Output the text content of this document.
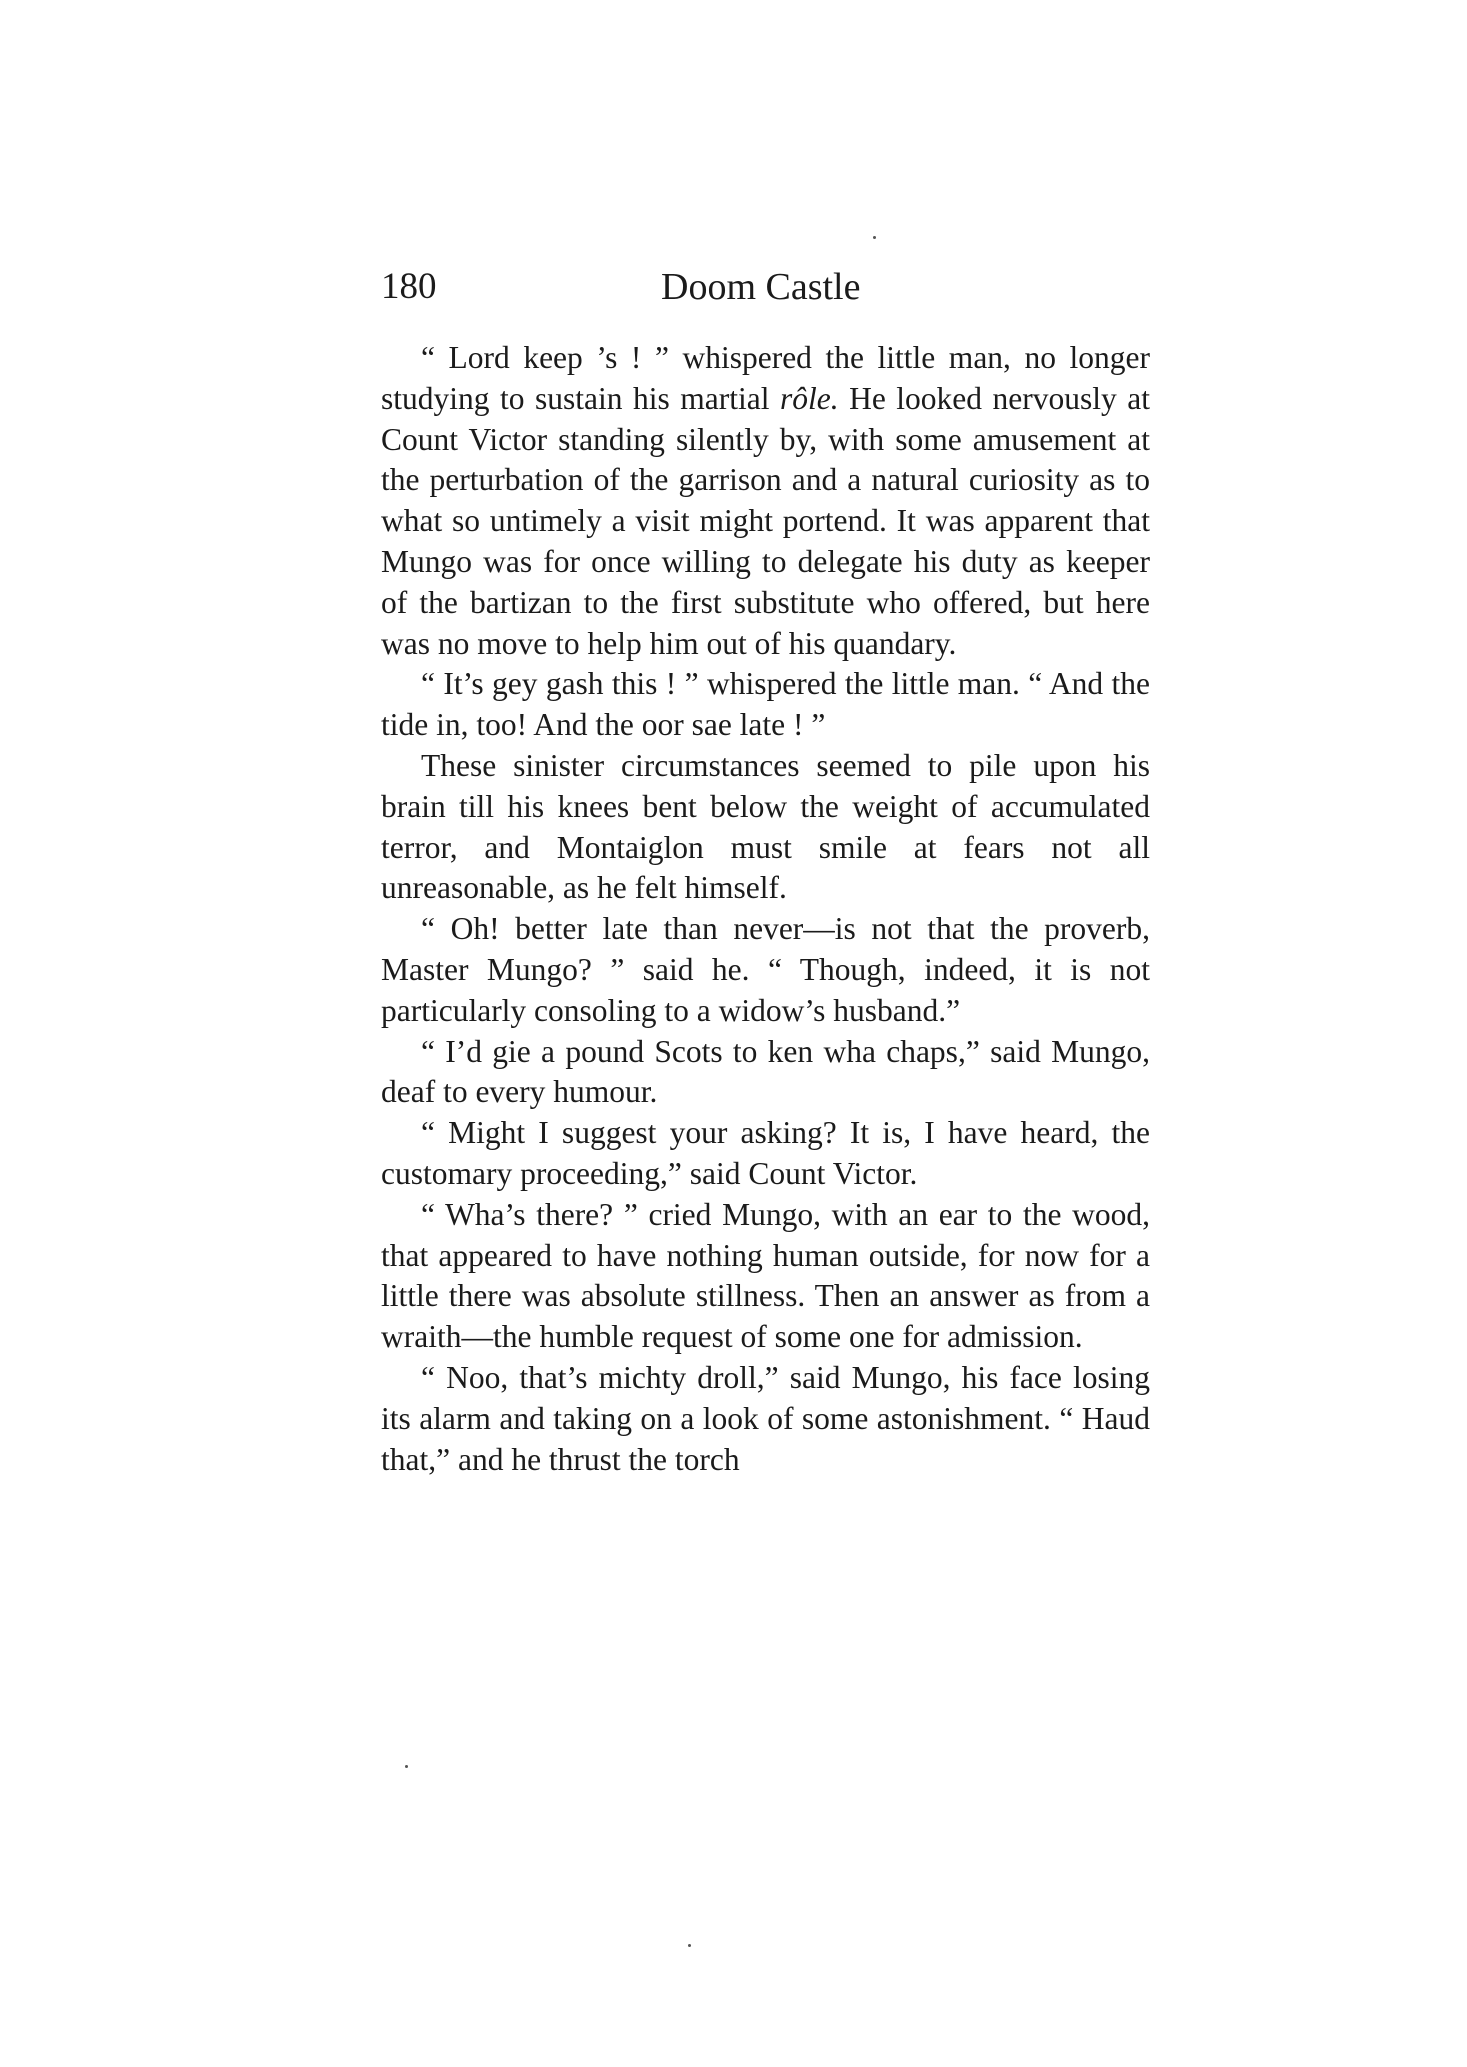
180	Doom Castle

“ Lord keep ’s ! ” whispered the little man, no longer studying to sustain his martial rôle. He looked nervously at Count Victor standing silently by, with some amusement at the perturbation of the garrison and a natural curiosity as to what so untimely a visit might portend. It was apparent that Mungo was for once willing to delegate his duty as keeper of the bartizan to the first substitute who offered, but here was no move to help him out of his quandary.

“ It’s gey gash this ! ” whispered the little man. “ And the tide in, too! And the oor sae late ! ”

These sinister circumstances seemed to pile upon his brain till his knees bent below the weight of accumulated terror, and Montaiglon must smile at fears not all unreasonable, as he felt himself.

“ Oh! better late than never—is not that the proverb, Master Mungo? ” said he. “ Though, indeed, it is not particularly consoling to a widow’s husband.”

“ I’d gie a pound Scots to ken wha chaps,” said Mungo, deaf to every humour.

“ Might I suggest your asking? It is, I have heard, the customary proceeding,” said Count Victor.

“ Wha’s there? ” cried Mungo, with an ear to the wood, that appeared to have nothing human outside, for now for a little there was absolute stillness. Then an answer as from a wraith—the humble request of some one for admission.

“ Noo, that’s michty droll,” said Mungo, his face losing its alarm and taking on a look of some astonishment. “ Haud that,” and he thrust the torch
